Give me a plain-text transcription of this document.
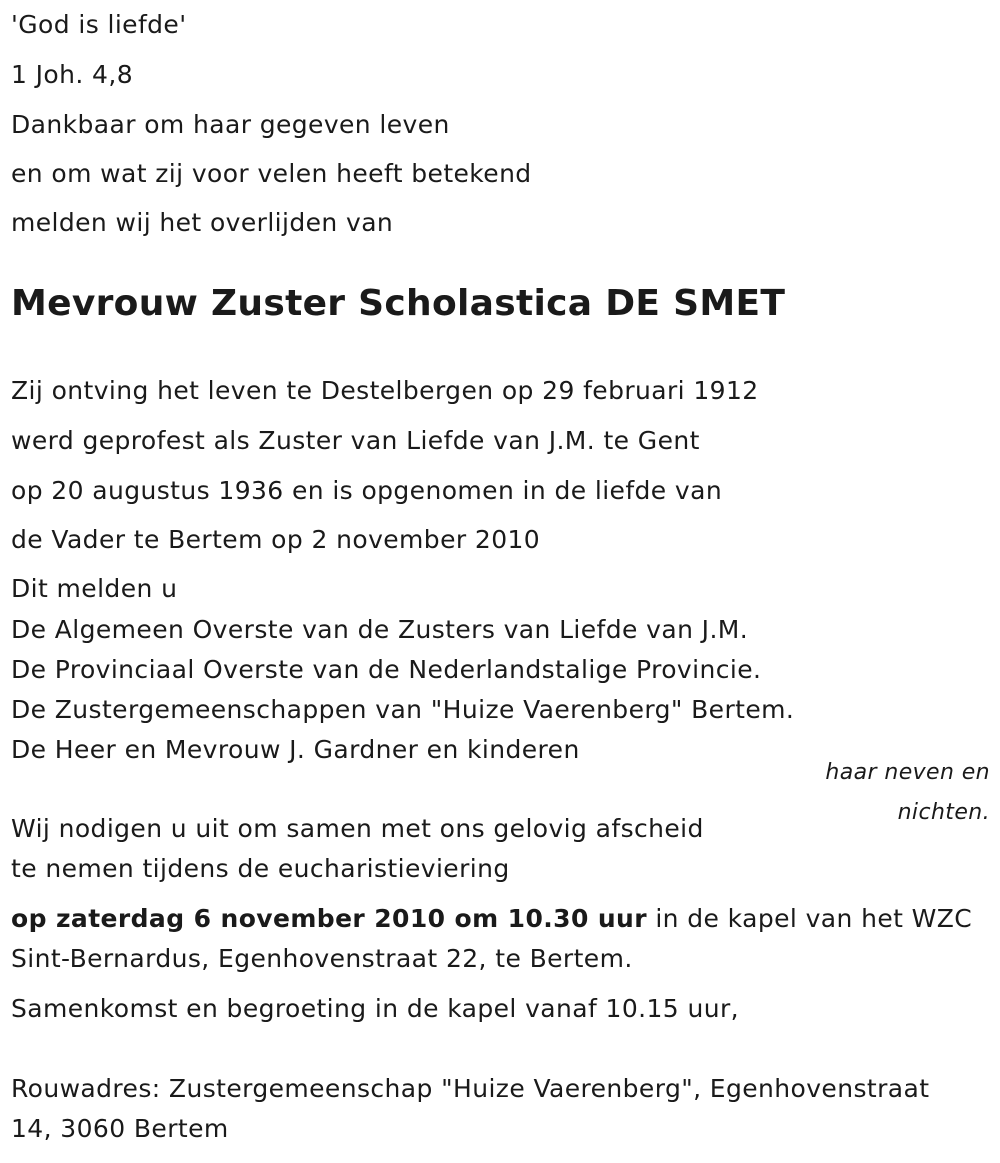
'God is liefde'
1 Joh. 4,8
Dankbaar om haar gegeven leven
en om wat zij voor velen heeft betekend
melden wij het overlijden van
Mevrouw Zuster Scholastica DE SMET
Zij ontving het leven te Destelbergen op 29 februari 1912
werd geprofest als Zuster van Liefde van J.M. te Gent
op 20 augustus 1936 en is opgenomen in de liefde van
de Vader te Bertem op 2 november 2010
Dit melden u
De Algemeen Overste van de Zusters van Liefde van J.M.
De Provinciaal Overste van de Nederlandstalige Provincie.
De Zustergemeenschappen van "Huize Vaerenberg" Bertem.
De Heer en Mevrouw J. Gardner en kinderen
haar neven en
nichten.
Wij nodigen u uit om samen met ons gelovig afscheid
te nemen tijdens de eucharistieviering
op zaterdag 6 november 2010 om 10.30 uur in de kapel van het WZC
Sint-Bernardus, Egenhovenstraat 22, te Bertem.
Samenkomst en begroeting in de kapel vanaf 10.15 uur,
Rouwadres: Zustergemeenschap "Huize Vaerenberg", Egenhovenstraat
14, 3060 Bertem
